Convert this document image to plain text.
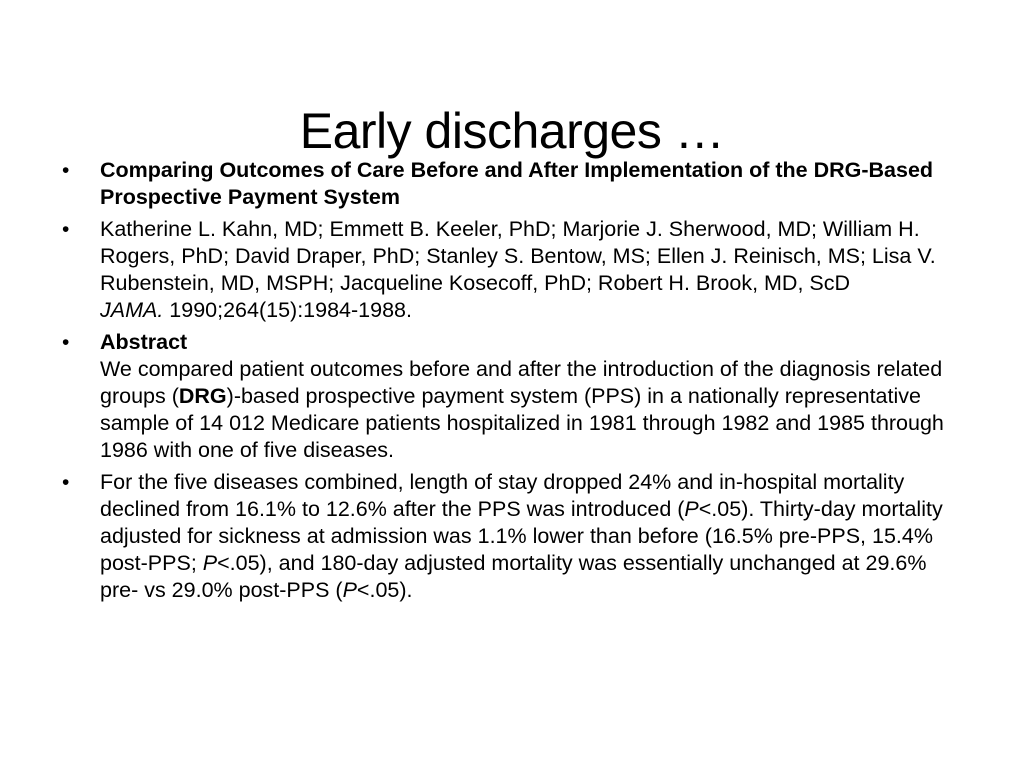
Early discharges …
•	Comparing Outcomes of Care Before and After Implementation of the DRG-Based Prospective Payment System
•	Katherine L. Kahn, MD; Emmett B. Keeler, PhD; Marjorie J. Sherwood, MD; William H. Rogers, PhD; David Draper, PhD; Stanley S. Bentow, MS; Ellen J. Reinisch, MS; Lisa V. Rubenstein, MD, MSPH; Jacqueline Kosecoff, PhD; Robert H. Brook, MD, ScD
JAMA. 1990;264(15):1984-1988.
•	Abstract
We compared patient outcomes before and after the introduction of the diagnosis related groups (DRG)-based prospective payment system (PPS) in a nationally representative sample of 14 012 Medicare patients hospitalized in 1981 through 1982 and 1985 through 1986 with one of five diseases.
•	For the five diseases combined, length of stay dropped 24% and in-hospital mortality declined from 16.1% to 12.6% after the PPS was introduced (P<.05). Thirty-day mortality adjusted for sickness at admission was 1.1% lower than before (16.5% pre-PPS, 15.4% post-PPS; P<.05), and 180-day adjusted mortality was essentially unchanged at 29.6% pre- vs 29.0% post-PPS (P<.05).
